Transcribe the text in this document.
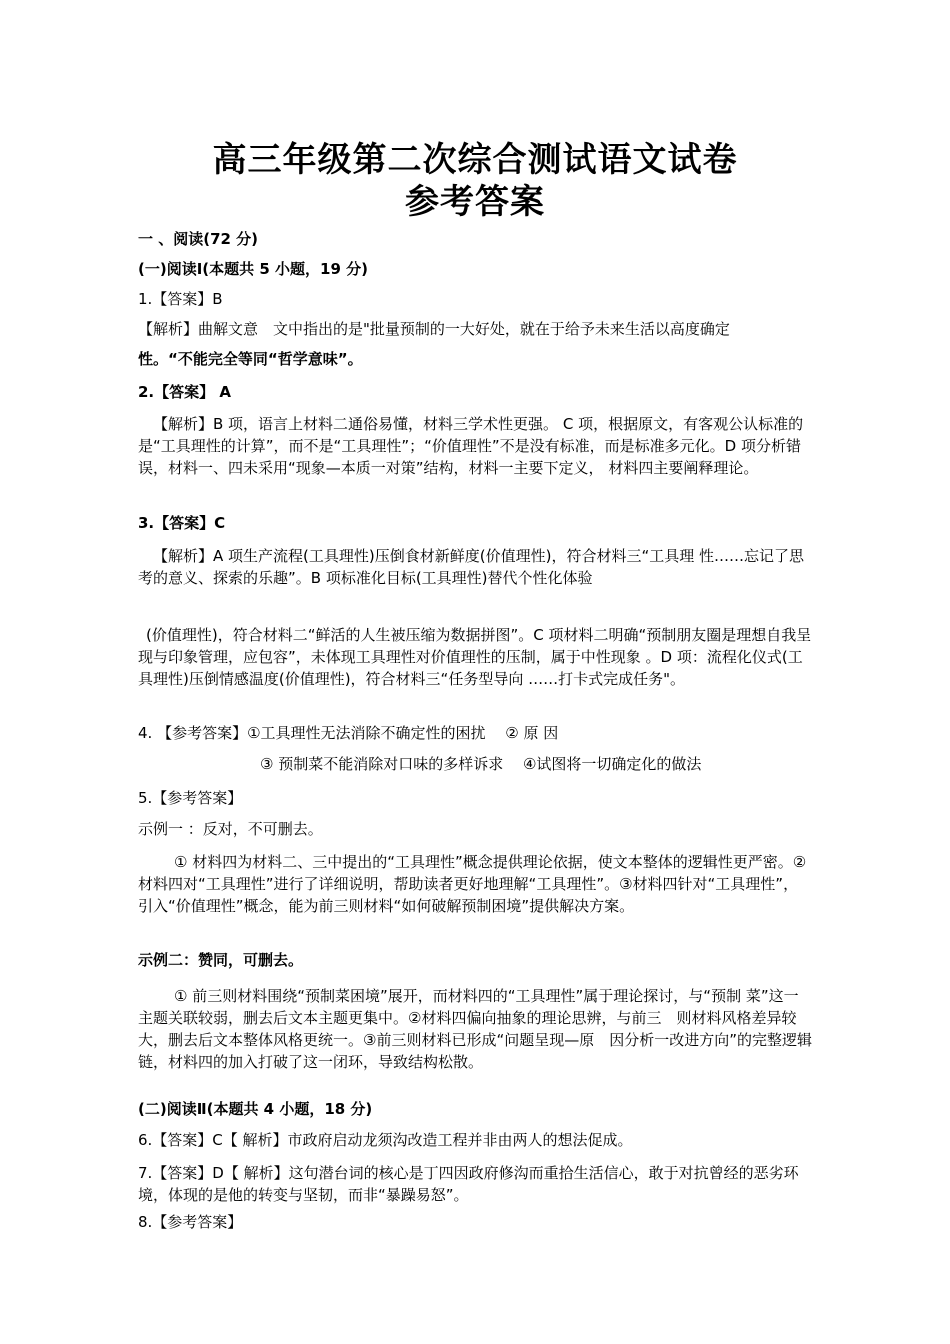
高三年级第二次综合测试语文试卷
参考答案
一 、阅读(72 分)
(一)阅读Ⅰ(本题共 5 小题，19 分)
1.【答案】B
【解析】曲解文意　文中指出的是"批量预制的一大好处，就在于给予未来生活以高度确定
性。“不能完全等同“哲学意味”。
2.【答案】 A
【解析】B 项，语言上材料二通俗易懂，材料三学术性更强。 C 项，根据原文，有客观公认标准的是“工具理性的计算”，而不是“工具理性”；“价值理性”不是没有标准，而是标准多元化。D 项分析错误，材料一、四未采用“现象—本质一对策”结构，材料一主要下定义， 材料四主要阐释理论。
3.【答案】C
【解析】A 项生产流程(工具理性)压倒食材新鲜度(价值理性)，符合材料三“工具理 性……忘记了思考的意义、探索的乐趣”。B 项标准化目标(工具理性)替代个性化体验
(价值理性)，符合材料二“鲜活的人生被压缩为数据拼图”。C 项材料二明确“预制朋友圈是理想自我呈现与印象管理，应包容”，未体现工具理性对价值理性的压制，属于中性现象 。D 项：流程化仪式(工具理性)压倒情感温度(价值理性)，符合材料三“任务型导向 ……打卡式完成任务"。
4. 【参考答案】①工具理性无法消除不确定性的困扰　 ② 原 因
③ 预制菜不能消除对口味的多样诉求　 ④试图将一切确定化的做法
5.【参考答案】
示例一 ：反对，不可删去。
① 材料四为材料二、三中提出的“工具理性”概念提供理论依据，使文本整体的逻辑性更严密。②材料四对“工具理性”进行了详细说明，帮助读者更好地理解“工具理性”。③材料四针对“工具理性”，引入“价值理性”概念，能为前三则材料“如何破解预制困境”提供解决方案。
示例二：赞同，可删去。
① 前三则材料围绕“预制菜困境”展开，而材料四的“工具理性”属于理论探讨，与“预制 菜”这一主题关联较弱，删去后文本主题更集中。②材料四偏向抽象的理论思辨，与前三　则材料风格差异较大，删去后文本整体风格更统一。③前三则材料已形成“问题呈现—原　因分析一改进方向”的完整逻辑链，材料四的加入打破了这一闭环，导致结构松散。
(二)阅读Ⅱ(本题共 4 小题，18 分)
6.【答案】C【 解析】市政府启动龙须沟改造工程并非由两人的想法促成。
7.【答案】D【 解析】这句潜台词的核心是丁四因政府修沟而重拾生活信心，敢于对抗曾经的恶劣环境，体现的是他的转变与坚韧，而非“暴躁易怒”。
8.【参考答案】
